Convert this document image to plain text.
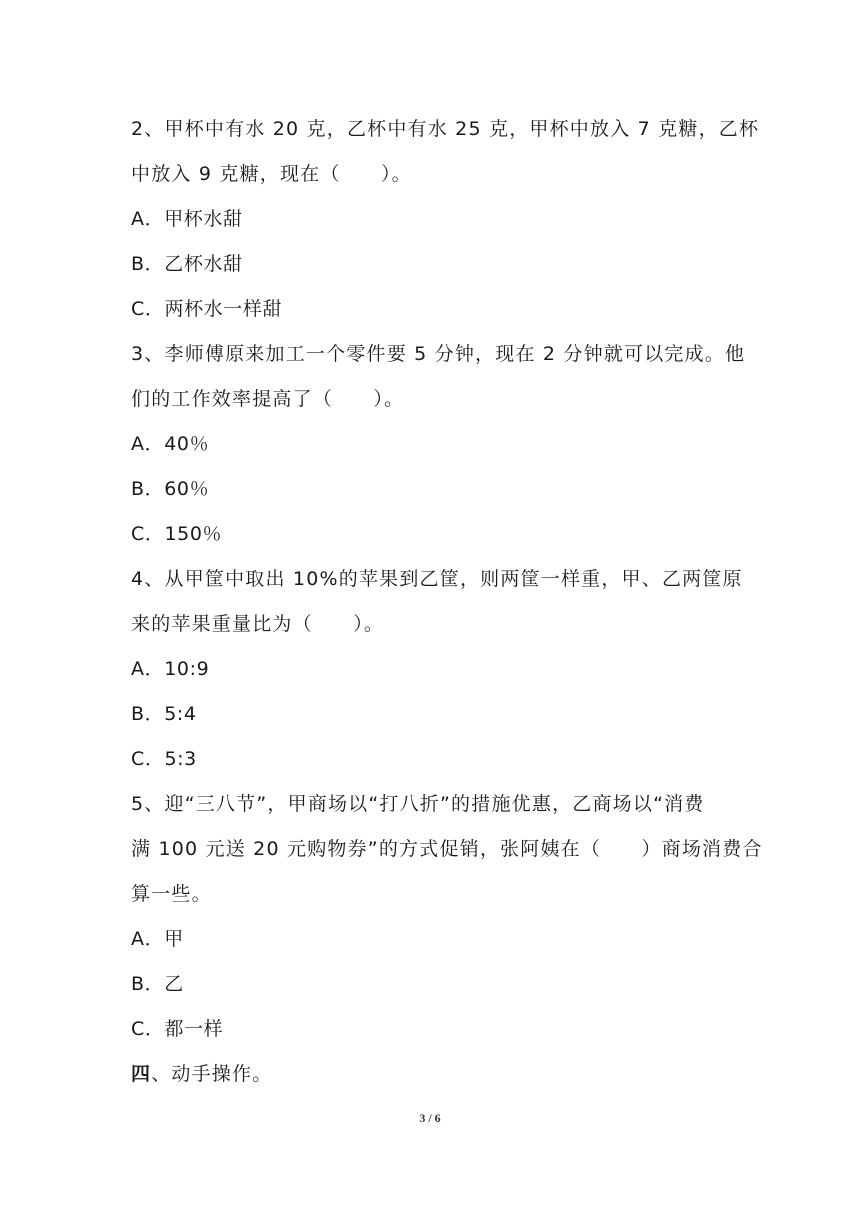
2、甲杯中有水 20 克，乙杯中有水 25 克，甲杯中放入 7 克糖，乙杯
中放入 9 克糖，现在（　　）。
A．甲杯水甜
B．乙杯水甜
C．两杯水一样甜
3、李师傅原来加工一个零件要 5 分钟，现在 2 分钟就可以完成。他
们的工作效率提高了（　　）。
A．40％
B．60％
C．150％
4、从甲筐中取出 10%的苹果到乙筐，则两筐一样重，甲、乙两筐原
来的苹果重量比为（　　）。
A．10:9
B．5:4
C．5:3
5、迎“三八节”，甲商场以“打八折”的措施优惠，乙商场以“消费
满 100 元送 20 元购物券”的方式促销，张阿姨在（　　）商场消费合
算一些。
A．甲
B．乙
C．都一样
四、动手操作。
3 / 6
